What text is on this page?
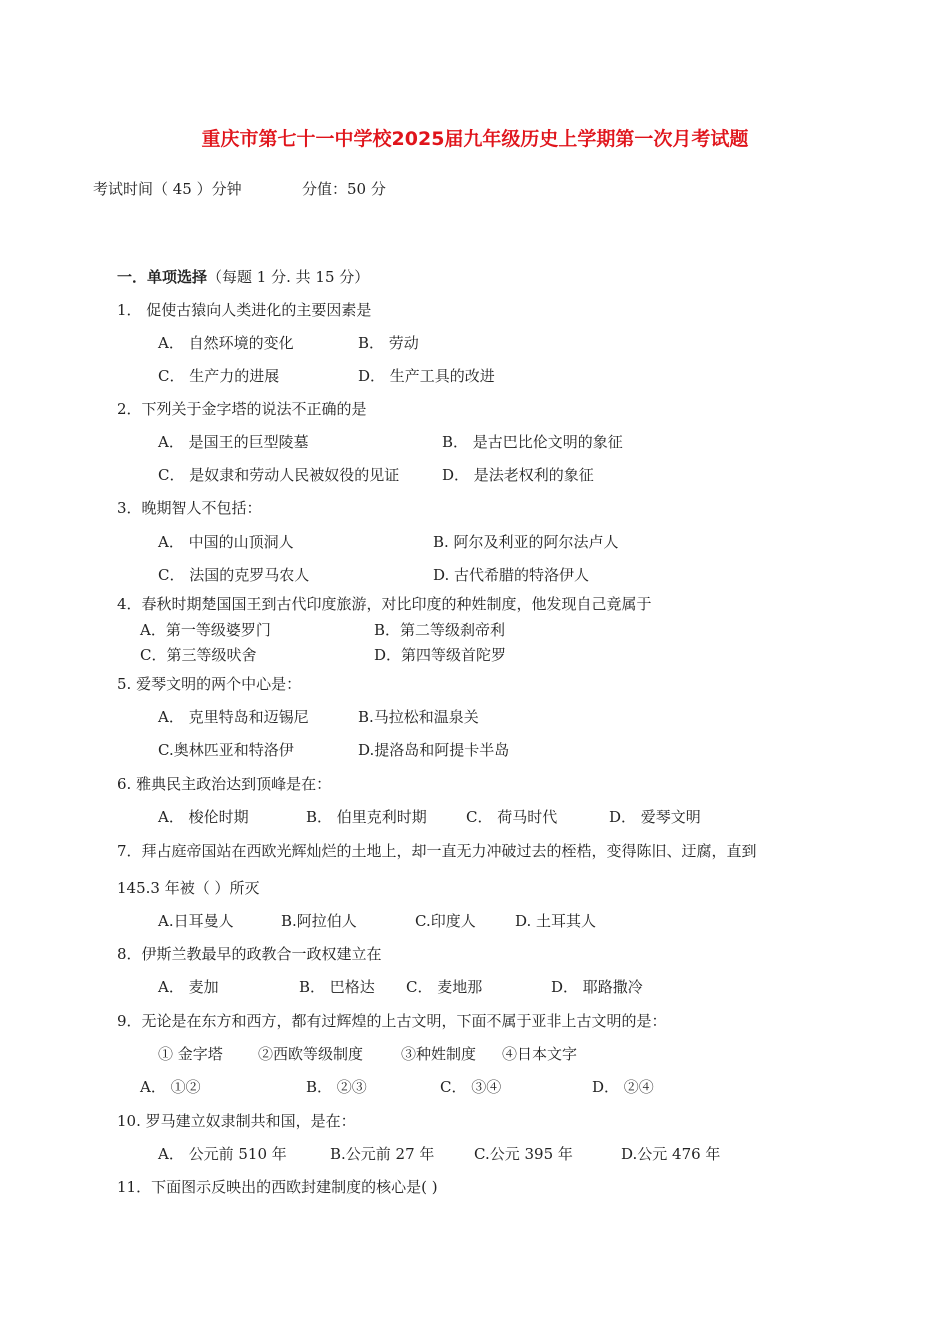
重庆市第七十一中学校2025届九年级历史上学期第一次月考试题
考试时间（ 45 ）分钟	分值：50 分
一．单项选择（每题 1 分. 共 15 分）
1． 促使古猿向人类进化的主要因素是
A． 自然环境的变化	B． 劳动
C． 生产力的进展	D． 生产工具的改进
2．下列关于金字塔的说法不正确的是
A． 是国王的巨型陵墓	B． 是古巴比伦文明的象征
C． 是奴隶和劳动人民被奴役的见证	D． 是法老权利的象征
3．晚期智人不包括：
A． 中国的山顶洞人	B. 阿尔及利亚的阿尔法卢人
C． 法国的克罗马农人	D. 古代希腊的特洛伊人
4．春秋时期楚国国王到古代印度旅游，对比印度的种姓制度，他发现自己竟属于
A．第一等级婆罗门	B．第二等级刹帝利
C．第三等级吠舍	D．第四等级首陀罗
5. 爱琴文明的两个中心是：
A． 克里特岛和迈锡尼	B.马拉松和温泉关
C.奥林匹亚和特洛伊	D.提洛岛和阿提卡半岛
6. 雅典民主政治达到顶峰是在：
A． 梭伦时期	B． 伯里克利时期	C． 荷马时代	D． 爱琴文明
7．拜占庭帝国站在西欧光辉灿烂的土地上，却一直无力冲破过去的桎梏，变得陈旧、迂腐，直到
145.3 年被（ ）所灭
A.日耳曼人	B.阿拉伯人	C.印度人	D. 土耳其人
8．伊斯兰教最早的政教合一政权建立在
A． 麦加	B． 巴格达 C． 麦地那	D． 耶路撒冷
9．无论是在东方和西方，都有过辉煌的上古文明，下面不属于亚非上古文明的是：
① 金字塔 ②西欧等级制度	③种姓制度 ④日本文字
A． ①②	B． ②③	C． ③④	D． ②④
10. 罗马建立奴隶制共和国，是在：
A． 公元前 510 年	B.公元前 27 年	C.公元 395 年	D.公元 476 年
11．下面图示反映出的西欧封建制度的核心是( )
